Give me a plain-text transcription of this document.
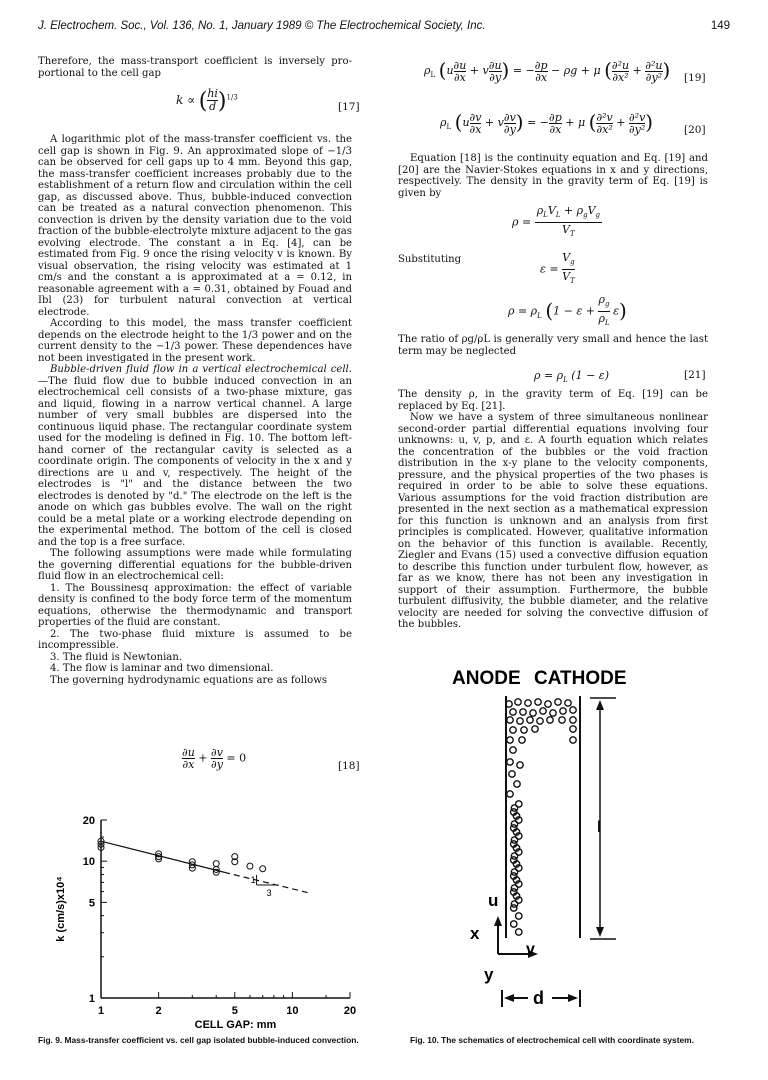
J. Electrochem. Soc., Vol. 136, No. 1, January 1989 © The Electrochemical Society, Inc.	149

Therefore, the mass-transport coefficient is inversely pro-portional to the cell gap

k ∝ ( $\frac{hi}{d} )^{1/3}$
[17]

A logarithmic plot of the mass-transfer coefficient vs. the cell gap is shown in Fig. 9. An approximated slope of −1/3 can be observed for cell gaps up to 4 mm. Beyond this gap, the mass-transfer coefficient increases probably due to the establishment of a return flow and circulation within the cell gap, as discussed above. Thus, bubble-induced convection can be treated as a natural convection phenomenon. This convection is driven by the density variation due to the void fraction of the bubble-electrolyte mixture adjacent to the gas evolving electrode. The constant a in Eq. [4], can be estimated from Fig. 9 once the rising velocity v is known. By visual observation, the rising velocity was estimated at 1 cm/s and the constant a is approximated at a = 0.12, in reasonable agreement with a = 0.31, obtained by Fouad and Ibl (23) for turbulent natural convection at vertical electrode.

According to this model, the mass transfer coefficient depends on the electrode height to the 1/3 power and on the current density to the −1/3 power. These dependences have not been investigated in the present work.

Bubble-driven fluid flow in a vertical electrochemical cell.—The fluid flow due to bubble induced convection in an electrochemical cell consists of a two-phase mixture, gas and liquid, flowing in a narrow vertical channel. A large number of very small bubbles are dispersed into the continuous liquid phase. The rectangular coordinate system used for the modeling is defined in Fig. 10. The bottom left-hand corner of the rectangular cavity is selected as a coordinate origin. The components of velocity in the x and y directions are u and v, respectively. The height of the electrodes is "l" and the distance between the two electrodes is denoted by "d." The electrode on the left is the anode on which gas bubbles evolve. The wall on the right could be a metal plate or a working electrode depending on the experimental method. The bottom of the cell is closed and the top is a free surface.

The following assumptions were made while formulating the governing differential equations for the bubble-driven fluid flow in an electrochemical cell:

1. The Boussinesq approximation: the effect of variable density is confined to the body force term of the momentum equations, otherwise the thermodynamic and transport properties of the fluid are constant.

2. The two-phase fluid mixture is assumed to be incompressible.

3. The fluid is Newtonian.

4. The flow is laminar and two dimensional.

The governing hydrodynamic equations are as follows

$\frac{\partial u}{\partial x} + \frac{\partial v}{\partial y} = 0$
[18]
1	2	5	10	20
1
5
10
20
k (cm/s)x10⁴
CELL GAP: mm
1
3
Fig. 9. Mass-transfer coefficient vs. cell gap isolated bubble-induced convection.
$\rho_L$ ($u \frac{\partial u}{\partial x} + v \frac{\partial u}{\partial y}$ ) = − $\frac{\partial p}{\partial x} - \rho g + \mu$ ( $\frac{\text{∂²u}}{\text{∂x²}} + \frac{\text{∂²u}}{\text{∂y²}}$ ) [19]
$\rho_L$ ($u \frac{\partial v}{\partial x} + v \frac{\partial v}{\partial y}$ ) = − $\frac{\partial p}{\partial x} + \mu$ ( $\frac{\text{∂²v}}{\text{∂x²}} + \frac{\text{∂²v}}{\text{∂y²}}$ )	[20]

Equation [18] is the continuity equation and Eq. [19] and [20] are the Navier-Stokes equations in x and y directions, respectively. The density in the gravity term of Eq. [19] is given by

ρ =
$\rho_LV_L + \rho_gV_g$
$V_T$

Substituting

$\varepsilon = \frac{V_g}{V_T}$
$\rho = \rho_L$ $(1 - \varepsilon + \frac{\rho_g}{\rho_L} \varepsilon)$

The ratio of ρg/ρL is generally very small and hence the last term may be neglected

$\rho = \rho_L$ (1 − ε)	[21]

The density ρ, in the gravity term of Eq. [19] can be replaced by Eq. [21].

Now we have a system of three simultaneous nonlinear second-order partial differential equations involving four unknowns: u, v, p, and ε. A fourth equation which relates the concentration of the bubbles or the void fraction distribution in the x-y plane to the velocity components, pressure, and the physical properties of the two phases is required in order to be able to solve these equations. Various assumptions for the void fraction distribution are presented in the next section as a mathematical expression for this function is unknown and an analysis from first principles is complicated. However, qualitative information on the behavior of this function is available. Recently, Ziegler and Evans (15) used a convective diffusion equation to describe this function under turbulent flow, however, as far as we know, there has not been any investigation in support of their assumption. Furthermore, the bubble turbulent diffusivity, the bubble diameter, and the relative velocity are needed for solving the convective diffusion of the bubbles.

ANODE CATHODE
l
u
x
y
v
d
Fig. 10. The schematics of electrochemical cell with coordinate system.
